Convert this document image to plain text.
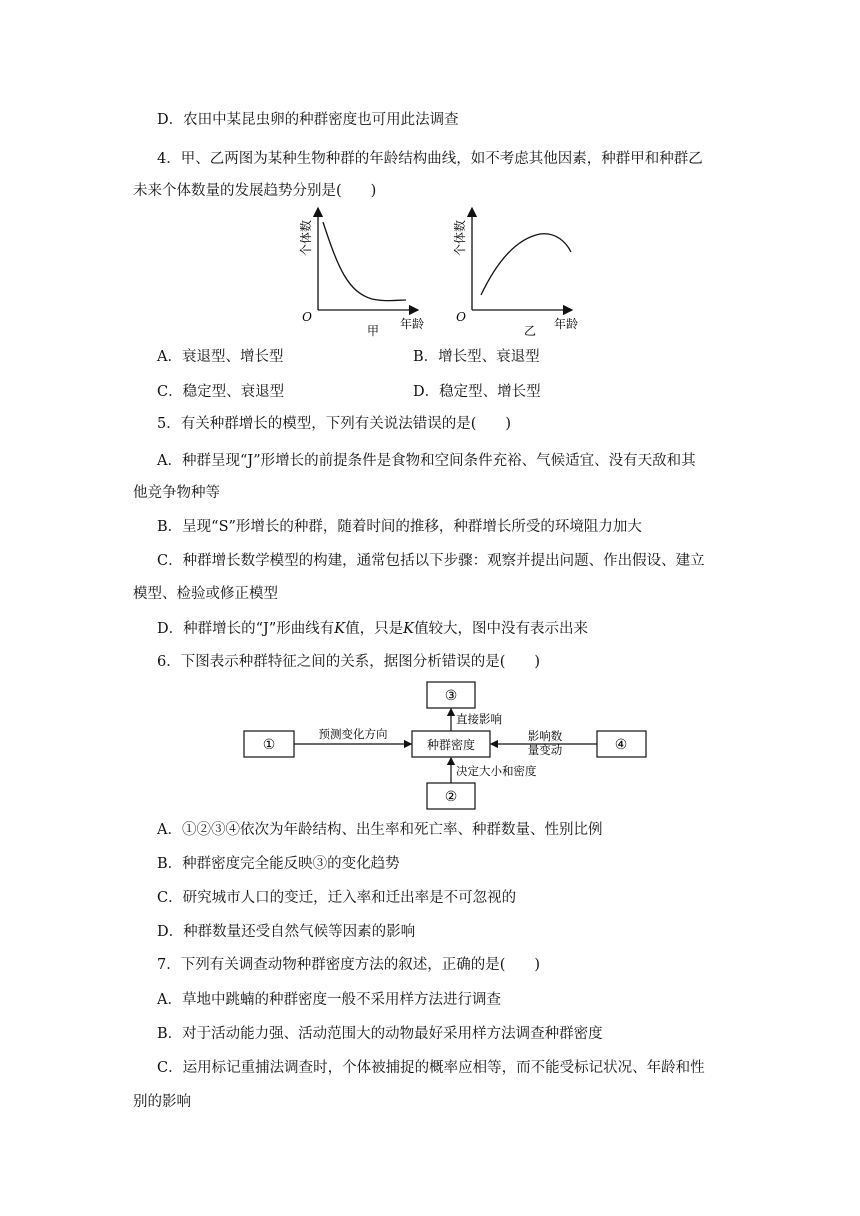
D．农田中某昆虫卵的种群密度也可用此法调查
4．甲、乙两图为某种生物种群的年龄结构曲线，如不考虑其他因素，种群甲和种群乙
未来个体数量的发展趋势分别是(　　)
个体数
O
甲 年龄
个体数
O
乙 年龄
A．衰退型、增长型	B．增长型、衰退型
C．稳定型、衰退型	D．稳定型、增长型
5．有关种群增长的模型，下列有关说法错误的是(　　)
A．种群呈现“J”形增长的前提条件是食物和空间条件充裕、气候适宜、没有天敌和其
他竞争物种等
B．呈现“S”形增长的种群，随着时间的推移，种群增长所受的环境阻力加大
C．种群增长数学模型的构建，通常包括以下步骤：观察并提出问题、作出假设、建立
模型、检验或修正模型
D．种群增长的“J”形曲线有K值，只是K值较大，图中没有表示出来
6．下图表示种群特征之间的关系，据图分析错误的是(　　)
③
①	种群密度	④
②
预测变化方向
直接影响
影响数
量变动
决定大小和密度
A．①②③④依次为年龄结构、出生率和死亡率、种群数量、性别比例
B．种群密度完全能反映③的变化趋势
C．研究城市人口的变迁，迁入率和迁出率是不可忽视的
D．种群数量还受自然气候等因素的影响
7．下列有关调查动物种群密度方法的叙述，正确的是(　　)
A．草地中跳蝻的种群密度一般不采用样方法进行调查
B．对于活动能力强、活动范围大的动物最好采用样方法调查种群密度
C．运用标记重捕法调查时，个体被捕捉的概率应相等，而不能受标记状况、年龄和性
别的影响
